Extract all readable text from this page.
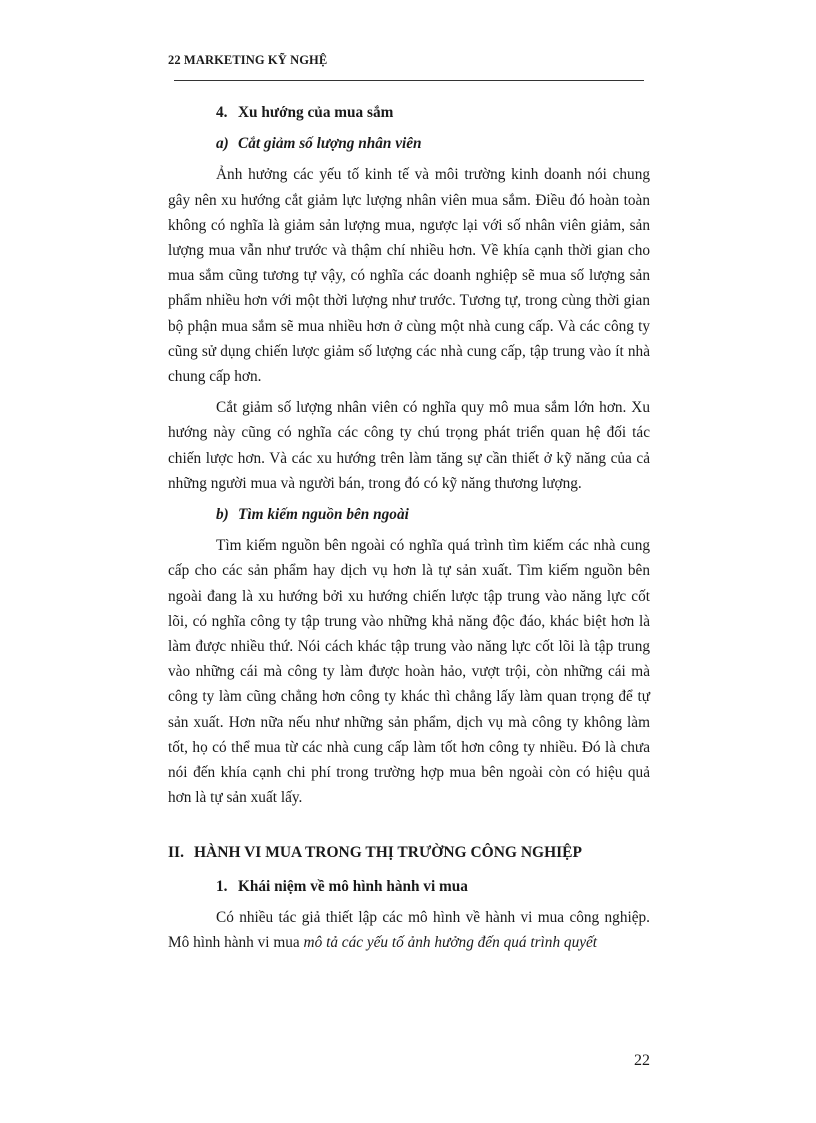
22 MARKETING KỸ NGHỆ
4. Xu hướng của mua sắm
a) Cắt giảm số lượng nhân viên

Ảnh hưởng các yếu tố kinh tế và môi trường kinh doanh nói chung gây nên xu hướng cắt giảm lực lượng nhân viên mua sắm. Điều đó hoàn toàn không có nghĩa là giảm sản lượng mua, ngược lại với số nhân viên giảm, sản lượng mua vẫn như trước và thậm chí nhiều hơn. Về khía cạnh thời gian cho mua sắm cũng tương tự vậy, có nghĩa các doanh nghiệp sẽ mua số lượng sản phẩm nhiều hơn với một thời lượng như trước. Tương tự, trong cùng thời gian bộ phận mua sắm sẽ mua nhiều hơn ở cùng một nhà cung cấp. Và các công ty cũng sử dụng chiến lược giảm số lượng các nhà cung cấp, tập trung vào ít nhà chung cấp hơn.

Cắt giảm số lượng nhân viên có nghĩa quy mô mua sắm lớn hơn. Xu hướng này cũng có nghĩa các công ty chú trọng phát triển quan hệ đối tác chiến lược hơn. Và các xu hướng trên làm tăng sự cần thiết ở kỹ năng của cả những người mua và người bán, trong đó có kỹ năng thương lượng.

b) Tìm kiếm nguồn bên ngoài

Tìm kiếm nguồn bên ngoài có nghĩa quá trình tìm kiếm các nhà cung cấp cho các sản phẩm hay dịch vụ hơn là tự sản xuất. Tìm kiếm nguồn bên ngoài đang là xu hướng bởi xu hướng chiến lược tập trung vào năng lực cốt lõi, có nghĩa công ty tập trung vào những khả năng độc đáo, khác biệt hơn là làm được nhiều thứ. Nói cách khác tập trung vào năng lực cốt lõi là tập trung vào những cái mà công ty làm được hoàn hảo, vượt trội, còn những cái mà công ty làm cũng chẳng hơn công ty khác thì chẳng lấy làm quan trọng để tự sản xuất. Hơn nữa nếu như những sản phẩm, dịch vụ mà công ty không làm tốt, họ có thể mua từ các nhà cung cấp làm tốt hơn công ty nhiều. Đó là chưa nói đến khía cạnh chi phí trong trường hợp mua bên ngoài còn có hiệu quả hơn là tự sản xuất lấy.

II. HÀNH VI MUA TRONG THỊ TRƯỜNG CÔNG NGHIỆP
1. Khái niệm về mô hình hành vi mua

Có nhiều tác giả thiết lập các mô hình về hành vi mua công nghiệp. Mô hình hành vi mua mô tả các yếu tố ảnh hưởng đến quá trình quyết

22
